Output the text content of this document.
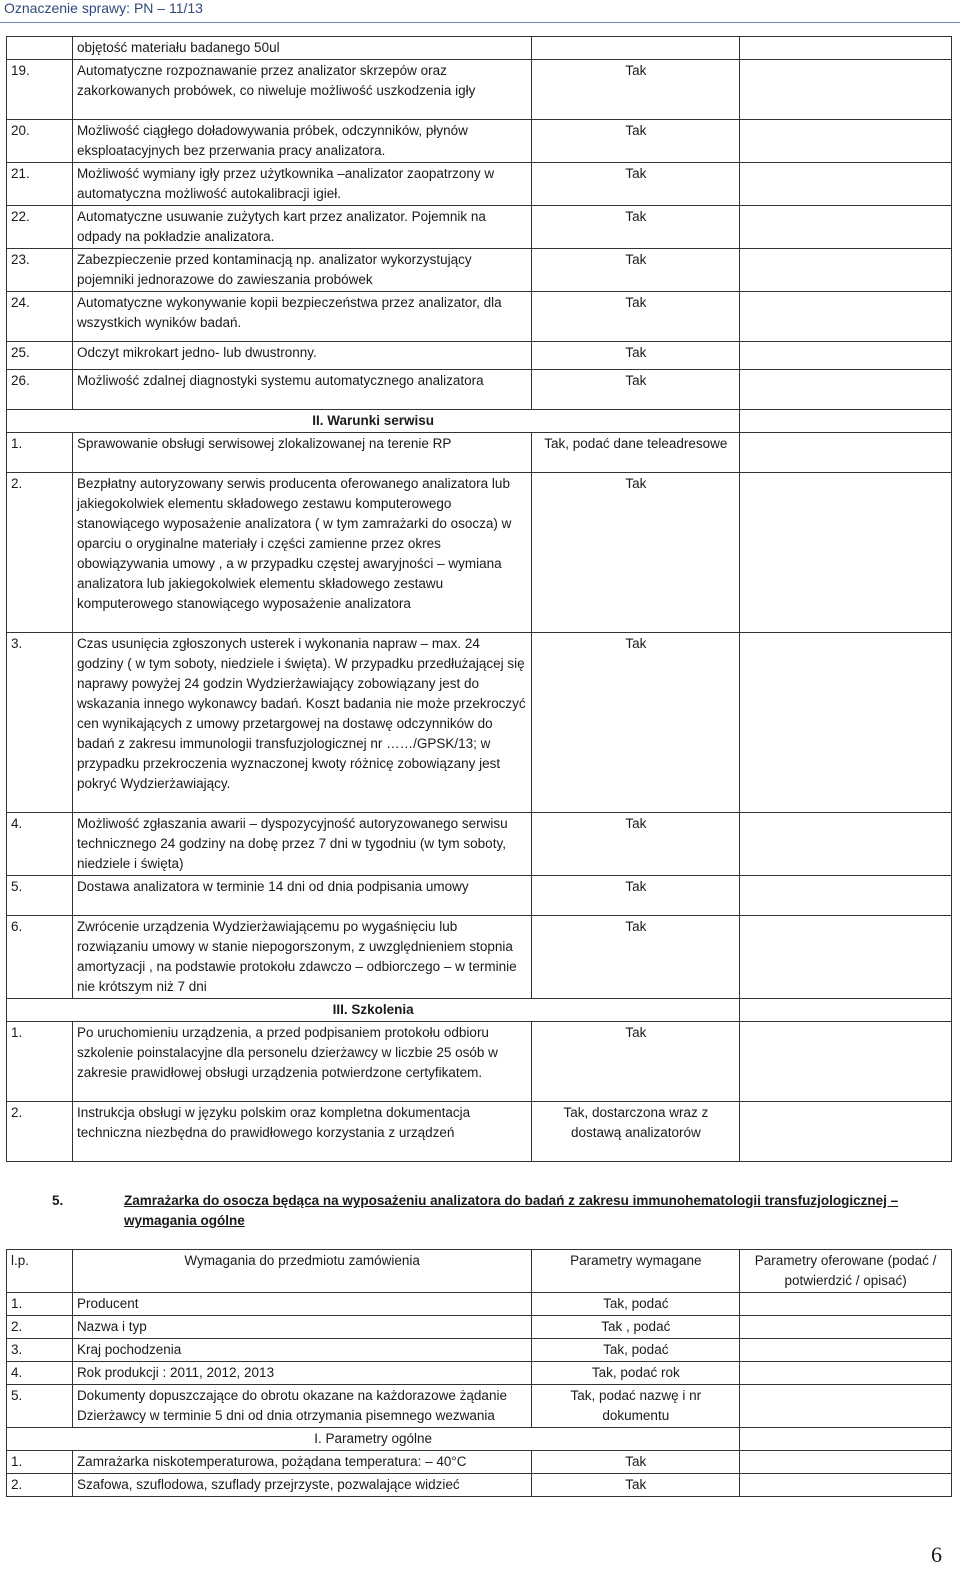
Oznaczenie sprawy: PN – 11/13
	objętość materiału badanego 50ul		
19.	Automatyczne rozpoznawanie przez analizator skrzepów oraz zakorkowanych probówek, co niweluje możliwość uszkodzenia igły	Tak	
20.	Możliwość ciągłego doładowywania próbek, odczynników, płynów eksploatacyjnych bez przerwania pracy analizatora.	Tak	
21.	Możliwość wymiany igły przez użytkownika –analizator zaopatrzony w automatyczna możliwość autokalibracji igieł.	Tak	
22.	Automatyczne usuwanie zużytych kart przez analizator. Pojemnik na odpady na pokładzie analizatora.	Tak	
23.	Zabezpieczenie przed kontaminacją np. analizator wykorzystujący pojemniki jednorazowe do zawieszania probówek	Tak	
24.	Automatyczne wykonywanie kopii bezpieczeństwa przez analizator, dla wszystkich wyników badań.	Tak	
25.	Odczyt mikrokart jedno- lub dwustronny.	Tak	
26.	Możliwość zdalnej diagnostyki systemu automatycznego analizatora	Tak	
II. Warunki serwisu			
1.	Sprawowanie obsługi serwisowej zlokalizowanej na terenie RP	Tak, podać dane teleadresowe	
2.	Bezpłatny autoryzowany serwis producenta oferowanego analizatora lub jakiegokolwiek elementu składowego zestawu komputerowego stanowiącego wyposażenie analizatora ( w tym zamrażarki do osocza) w oparciu o oryginalne materiały i części zamienne przez okres obowiązywania umowy , a w przypadku częstej awaryjności – wymiana analizatora lub jakiegokolwiek elementu składowego zestawu komputerowego stanowiącego wyposażenie analizatora	Tak	
3.	Czas usunięcia zgłoszonych usterek i wykonania napraw – max. 24 godziny ( w tym soboty, niedziele i święta). W przypadku przedłużającej się naprawy powyżej 24 godzin Wydzierżawiający zobowiązany jest do wskazania innego wykonawcy badań. Koszt badania nie może przekroczyć cen wynikających z umowy przetargowej na dostawę odczynników do badań z zakresu immunologii transfuzjologicznej nr ……/GPSK/13; w przypadku przekroczenia wyznaczonej kwoty różnicę zobowiązany jest pokryć Wydzierżawiający.	Tak	
4.	Możliwość zgłaszania awarii – dyspozycyjność autoryzowanego serwisu technicznego 24 godziny na dobę przez 7 dni w tygodniu (w tym soboty, niedziele i święta)	Tak	
5.	Dostawa analizatora w terminie 14 dni od dnia podpisania umowy	Tak	
6.	Zwrócenie urządzenia Wydzierżawiającemu po wygaśnięciu lub rozwiązaniu umowy w stanie niepogorszonym, z uwzględnieniem stopnia amortyzacji , na podstawie protokołu zdawczo – odbiorczego – w terminie nie krótszym niż 7 dni	Tak	
III. Szkolenia			
1.	Po uruchomieniu urządzenia, a przed podpisaniem protokołu odbioru szkolenie poinstalacyjne dla personelu dzierżawcy w liczbie 25 osób w zakresie prawidłowej obsługi urządzenia potwierdzone certyfikatem.	Tak	
2.	Instrukcja obsługi w języku polskim oraz kompletna dokumentacja techniczna niezbędna do prawidłowego korzystania z urządzeń	Tak, dostarczona wraz z dostawą analizatorów	
5.	Zamrażarka do osocza będąca na wyposażeniu analizatora do badań z zakresu immunohematologii transfuzjologicznej – wymagania ogólne
l.p.	Wymagania do przedmiotu zamówienia	Parametry wymagane	Parametry oferowane (podać / potwierdzić / opisać)
1.	Producent	Tak, podać	
2.	Nazwa i typ	Tak , podać	
3.	Kraj pochodzenia	Tak, podać	
4.	Rok produkcji : 2011, 2012, 2013	Tak, podać rok	
5.	Dokumenty dopuszczające do obrotu okazane na każdorazowe żądanie Dzierżawcy w terminie 5 dni od dnia otrzymania pisemnego wezwania	Tak, podać nazwę i nr dokumentu	
I. Parametry ogólne			
1.	Zamrażarka niskotemperaturowa, pożądana temperatura: – 40°C	Tak	
2.	Szafowa, szuflodowa, szuflady przejrzyste, pozwalające widzieć	Tak	
6
